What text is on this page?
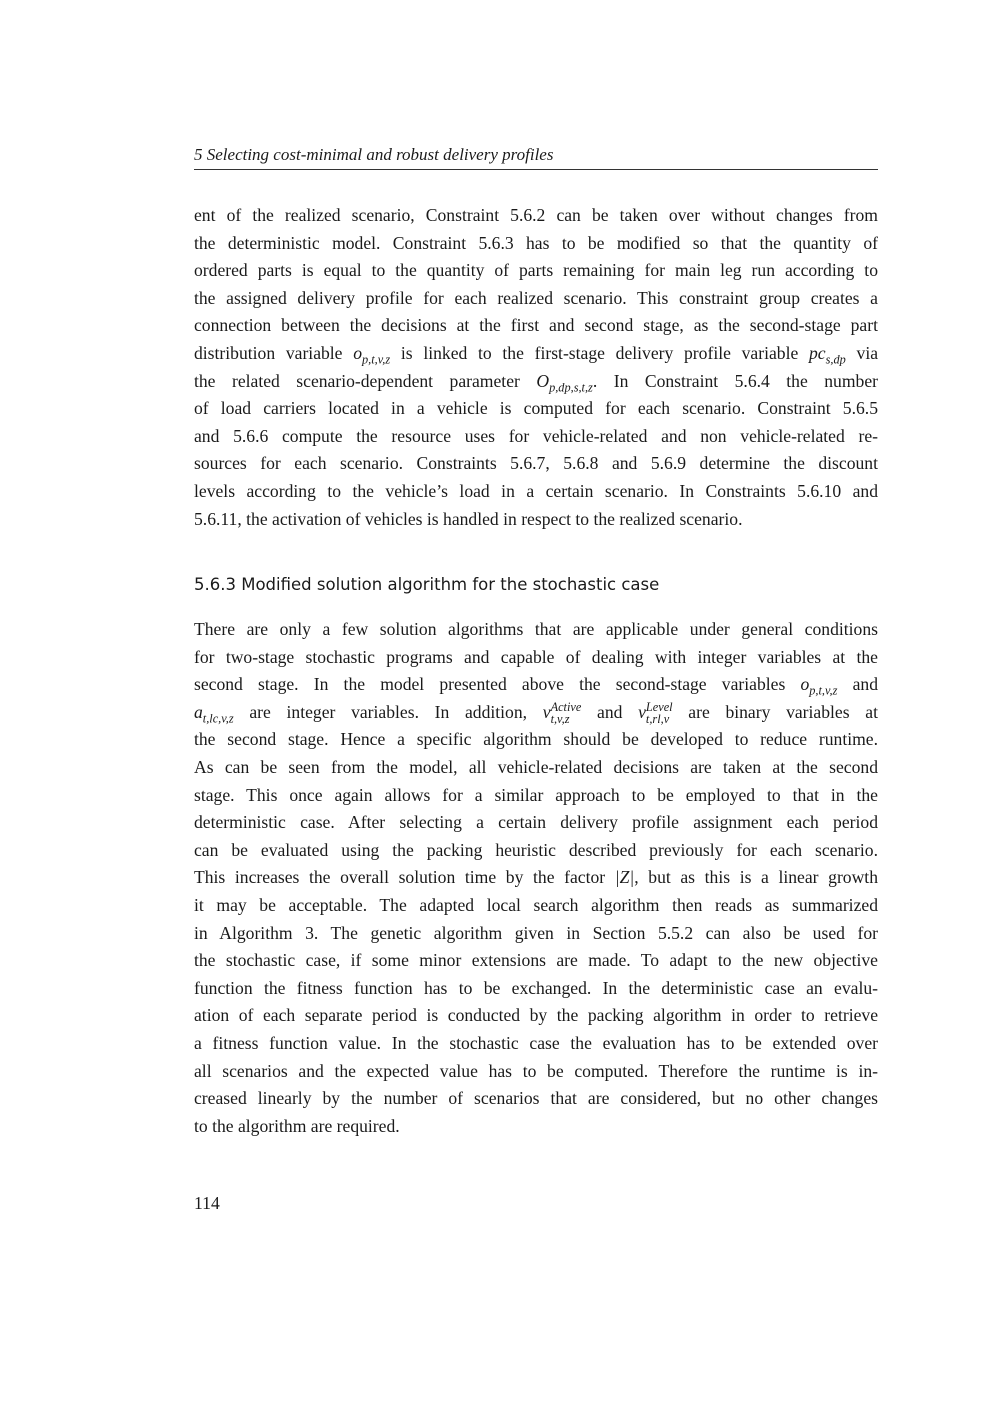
5 Selecting cost-minimal and robust delivery profiles
ent of the realized scenario, Constraint 5.6.2 can be taken over without changes from
the deterministic model. Constraint 5.6.3 has to be modified so that the quantity of
ordered parts is equal to the quantity of parts remaining for main leg run according to
the assigned delivery profile for each realized scenario. This constraint group creates a
connection between the decisions at the first and second stage, as the second-stage part
distribution variable $o_{p,t,v,z}$ is linked to the first-stage delivery profile variable $pc_{s,dp}$ via
the related scenario-dependent parameter $O_{p,dp,s,t,z}$. In Constraint 5.6.4 the number
of load carriers located in a vehicle is computed for each scenario. Constraint 5.6.5
and 5.6.6 compute the resource uses for vehicle-related and non vehicle-related re-
sources for each scenario. Constraints 5.6.7, 5.6.8 and 5.6.9 determine the discount
levels according to the vehicle’s load in a certain scenario. In Constraints 5.6.10 and
5.6.11, the activation of vehicles is handled in respect to the realized scenario.
5.6.3 Modified solution algorithm for the stochastic case
There are only a few solution algorithms that are applicable under general conditions
for two-stage stochastic programs and capable of dealing with integer variables at the
second stage. In the model presented above the second-stage variables $o_{p,t,v,z}$ and
$a_{t,lc,v,z}$ are integer variables. In addition, v Active
t,v,z	and v Level
t,rl,v are binary variables at
the second stage. Hence a specific algorithm should be developed to reduce runtime.
As can be seen from the model, all vehicle-related decisions are taken at the second
stage. This once again allows for a similar approach to be employed to that in the
deterministic case. After selecting a certain delivery profile assignment each period
can be evaluated using the packing heuristic described previously for each scenario.
This increases the overall solution time by the factor |Z|, but as this is a linear growth
it may be acceptable. The adapted local search algorithm then reads as summarized
in Algorithm 3. The genetic algorithm given in Section 5.5.2 can also be used for
the stochastic case, if some minor extensions are made. To adapt to the new objective
function the fitness function has to be exchanged. In the deterministic case an evalu-
ation of each separate period is conducted by the packing algorithm in order to retrieve
a fitness function value. In the stochastic case the evaluation has to be extended over
all scenarios and the expected value has to be computed. Therefore the runtime is in-
creased linearly by the number of scenarios that are considered, but no other changes
to the algorithm are required.
114
